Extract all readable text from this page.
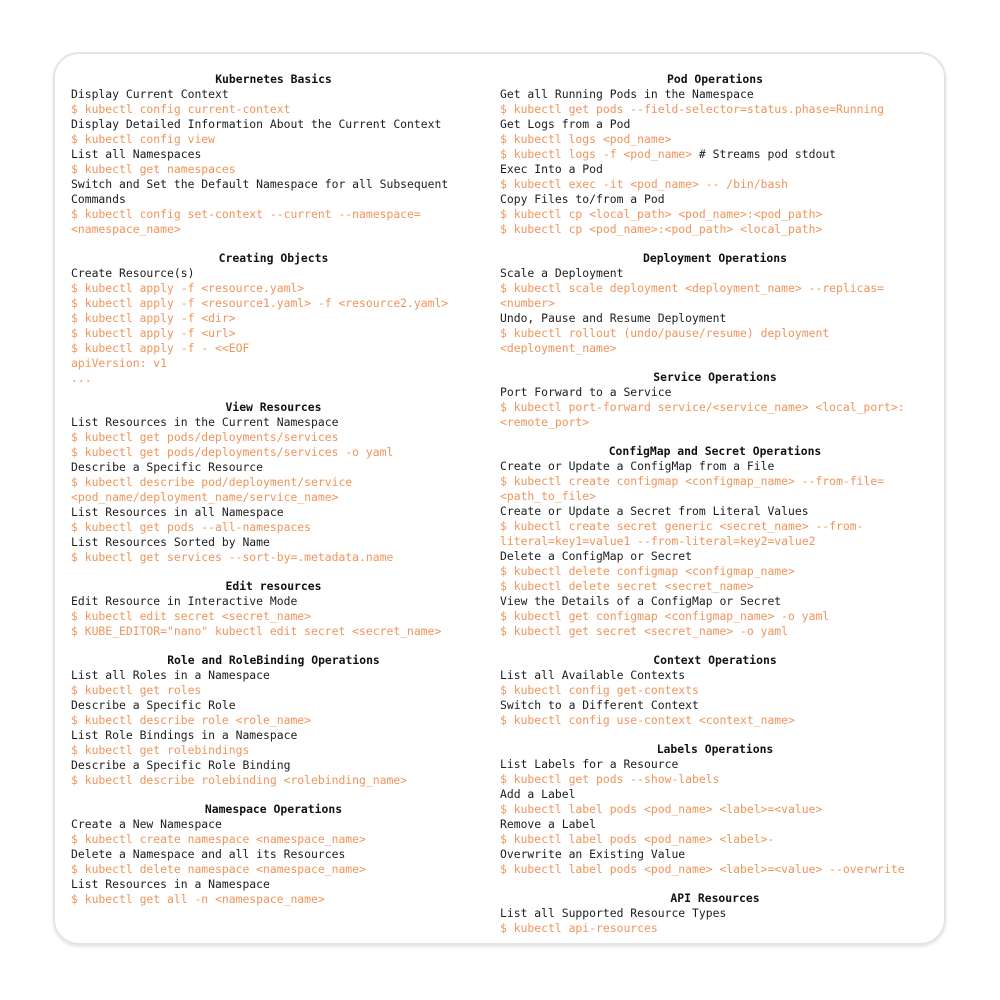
Kubernetes Basics
Display Current Context
$ kubectl config current-context
Display Detailed Information About the Current Context
$ kubectl config view
List all Namespaces
$ kubectl get namespaces
Switch and Set the Default Namespace for all Subsequent Commands
$ kubectl config set-context --current --namespace=<namespace_name>
Creating Objects
Create Resource(s)
$ kubectl apply -f <resource.yaml>
$ kubectl apply -f <resource1.yaml> -f <resource2.yaml>
$ kubectl apply -f <dir>
$ kubectl apply -f <url>
$ kubectl apply -f - <<EOF
apiVersion: v1
...
View Resources
List Resources in the Current Namespace
$ kubectl get pods/deployments/services
$ kubectl get pods/deployments/services -o yaml
Describe a Specific Resource
$ kubectl describe pod/deployment/service <pod_name/deployment_name/service_name>
List Resources in all Namespace
$ kubectl get pods --all-namespaces
List Resources Sorted by Name
$ kubectl get services --sort-by=.metadata.name
Edit resources
Edit Resource in Interactive Mode
$ kubectl edit secret <secret_name>
$ KUBE_EDITOR="nano" kubectl edit secret <secret_name>
Role and RoleBinding Operations
List all Roles in a Namespace
$ kubectl get roles
Describe a Specific Role
$ kubectl describe role <role_name>
List Role Bindings in a Namespace
$ kubectl get rolebindings
Describe a Specific Role Binding
$ kubectl describe rolebinding <rolebinding_name>
Namespace Operations
Create a New Namespace
$ kubectl create namespace <namespace_name>
Delete a Namespace and all its Resources
$ kubectl delete namespace <namespace_name>
List Resources in a Namespace
$ kubectl get all -n <namespace_name>
Pod Operations
Get all Running Pods in the Namespace
$ kubectl get pods --field-selector=status.phase=Running
Get Logs from a Pod
$ kubectl logs <pod_name>
$ kubectl logs -f <pod_name> # Streams pod stdout
Exec Into a Pod
$ kubectl exec -it <pod_name> -- /bin/bash
Copy Files to/from a Pod
$ kubectl cp <local_path> <pod_name>:<pod_path>
$ kubectl cp <pod_name>:<pod_path> <local_path>
Deployment Operations
Scale a Deployment
$ kubectl scale deployment <deployment_name> --replicas=<number>
Undo, Pause and Resume Deployment
$ kubectl rollout (undo/pause/resume) deployment <deployment_name>
Service Operations
Port Forward to a Service
$ kubectl port-forward service/<service_name> <local_port>:<remote_port>
ConfigMap and Secret Operations
Create or Update a ConfigMap from a File
$ kubectl create configmap <configmap_name> --from-file=<path_to_file>
Create or Update a Secret from Literal Values
$ kubectl create secret generic <secret_name> --from-literal=key1=value1 --from-literal=key2=value2
Delete a ConfigMap or Secret
$ kubectl delete configmap <configmap_name>
$ kubectl delete secret <secret_name>
View the Details of a ConfigMap or Secret
$ kubectl get configmap <configmap_name> -o yaml
$ kubectl get secret <secret_name> -o yaml
Context Operations
List all Available Contexts
$ kubectl config get-contexts
Switch to a Different Context
$ kubectl config use-context <context_name>
Labels Operations
List Labels for a Resource
$ kubectl get pods --show-labels
Add a Label
$ kubectl label pods <pod_name> <label>=<value>
Remove a Label
$ kubectl label pods <pod_name> <label>-
Overwrite an Existing Value
$ kubectl label pods <pod_name> <label>=<value> --overwrite
API Resources
List all Supported Resource Types
$ kubectl api-resources
